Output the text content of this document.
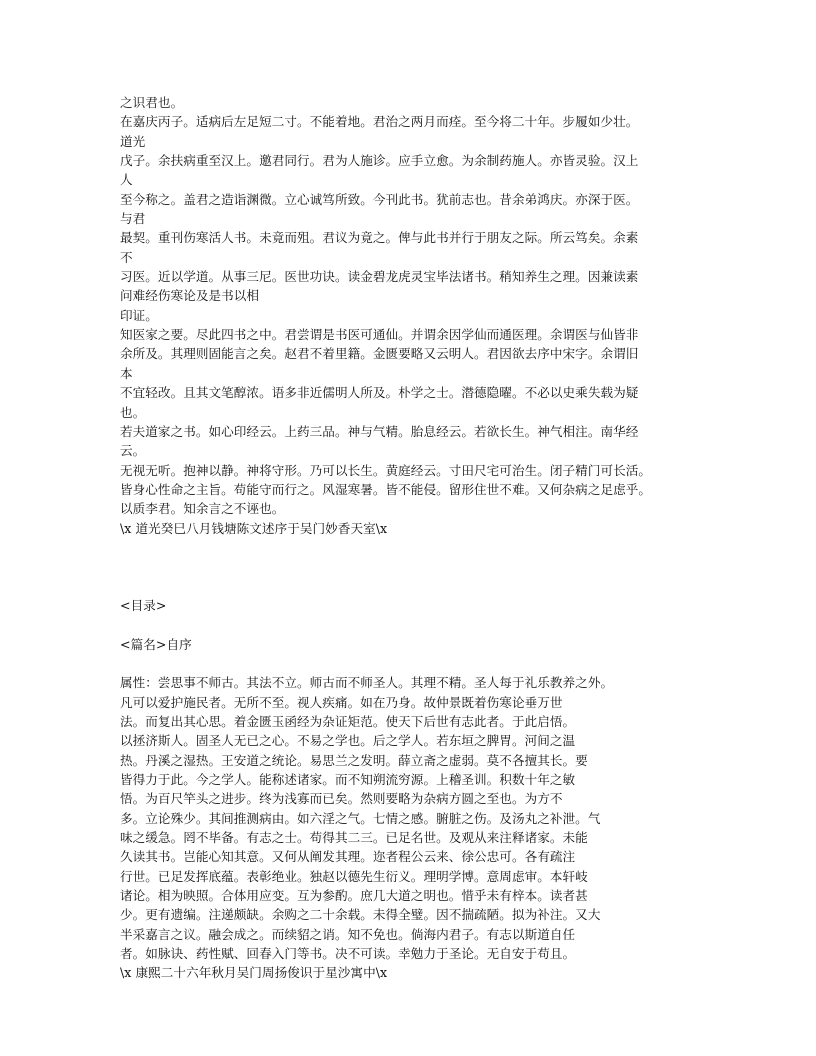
之识君也。
在嘉庆丙子。适病后左足短二寸。不能着地。君治之两月而痊。至今将二十年。步履如少壮。
道光
戊子。余扶病重至汉上。邀君同行。君为人施诊。应手立愈。为余制药施人。亦皆灵验。汉上
人
至今称之。盖君之造诣渊微。立心诚笃所致。今刊此书。犹前志也。昔余弟鸿庆。亦深于医。
与君
最契。重刊伤寒活人书。未竟而殂。君议为竟之。俾与此书并行于朋友之际。所云笃矣。余素
不
习医。近以学道。从事三尼。医世功诀。读金碧龙虎灵宝毕法诸书。稍知养生之理。因兼读素
问难经伤寒论及是书以相
印证。
知医家之要。尽此四书之中。君尝谓是书医可通仙。并谓余因学仙而通医理。余谓医与仙皆非
余所及。其理则固能言之矣。赵君不着里籍。金匮要略又云明人。君因欲去序中宋字。余谓旧
本
不宜轻改。且其文笔醇浓。语多非近儒明人所及。朴学之士。潜德隐曜。不必以史乘失载为疑
也。
若夫道家之书。如心印经云。上药三品。神与气精。胎息经云。若欲长生。神气相注。南华经
云。
无视无听。抱神以静。神将守形。乃可以长生。黄庭经云。寸田尺宅可治生。闭子精门可长活。
皆身心性命之主旨。苟能守而行之。风湿寒暑。皆不能侵。留形住世不难。又何杂病之足虑乎。
以质李君。知余言之不诬也。
\x 道光癸巳八月钱塘陈文述序于吴门妙香天室\x
<目录>
<篇名>自序
属性：尝思事不师古。其法不立。师古而不师圣人。其理不精。圣人每于礼乐教养之外。
凡可以爱护施民者。无所不至。视人疾痛。如在乃身。故仲景既着伤寒论垂万世
法。而复出其心思。着金匮玉函经为杂证矩范。使天下后世有志此者。于此启悟。
以拯济斯人。固圣人无已之心。不易之学也。后之学人。若东垣之脾胃。河间之温
热。丹溪之湿热。王安道之统论。易思兰之发明。薛立斋之虚弱。莫不各擅其长。要
皆得力于此。今之学人。能称述诸家。而不知朔流穷源。上稽圣训。积数十年之敏
悟。为百尺竿头之进步。终为浅寡而已矣。然则要略为杂病方圆之至也。为方不
多。立论殊少。其间推测病由。如六淫之气。七情之感。腑脏之伤。及汤丸之补泄。气
味之缓急。罔不毕备。有志之士。苟得其二三。已足名世。及观从来注释诸家。未能
久读其书。岂能心知其意。又何从阐发其理。迩者程公云来、徐公忠可。各有疏注
行世。已足发挥底蕴。表彰绝业。独赵以德先生衍义。理明学博。意周虑审。本轩岐
诸论。相为映照。合体用应变。互为参酌。庶几大道之明也。惜乎未有梓本。读者甚
少。更有遗编。注递颇缺。余购之二十余载。未得全璧。因不揣疏陋。拟为补注。又大
半采嘉言之议。融会成之。而续貂之诮。知不免也。倘海内君子。有志以斯道自任
者。如脉诀、药性赋、回春入门等书。决不可读。幸勉力于圣论。无自安于苟且。
\x 康熙二十六年秋月吴门周扬俊识于星沙寓中\x
